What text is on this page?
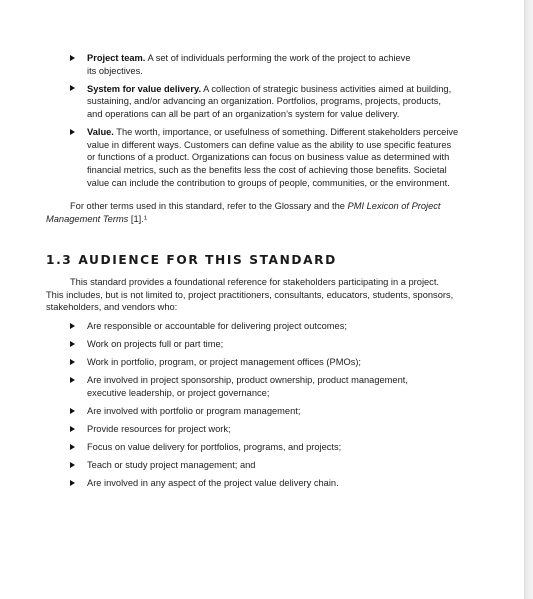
Project team. A set of individuals performing the work of the project to achieve
its objectives.
System for value delivery. A collection of strategic business activities aimed at building,
sustaining, and/or advancing an organization. Portfolios, programs, projects, products,
and operations can all be part of an organization’s system for value delivery.
Value. The worth, importance, or usefulness of something. Different stakeholders perceive
value in different ways. Customers can define value as the ability to use specific features
or functions of a product. Organizations can focus on business value as determined with
financial metrics, such as the benefits less the cost of achieving those benefits. Societal
value can include the contribution to groups of people, communities, or the environment.

For other terms used in this standard, refer to the Glossary and the PMI Lexicon of Project
Management Terms [1].¹

1.3 AUDIENCE FOR THIS STANDARD

This standard provides a foundational reference for stakeholders participating in a project.
This includes, but is not limited to, project practitioners, consultants, educators, students, sponsors,
stakeholders, and vendors who:

Are responsible or accountable for delivering project outcomes;
Work on projects full or part time;
Work in portfolio, program, or project management offices (PMOs);
Are involved in project sponsorship, product ownership, product management,
executive leadership, or project governance;
Are involved with portfolio or program management;
Provide resources for project work;
Focus on value delivery for portfolios, programs, and projects;
Teach or study project management; and
Are involved in any aspect of the project value delivery chain.
